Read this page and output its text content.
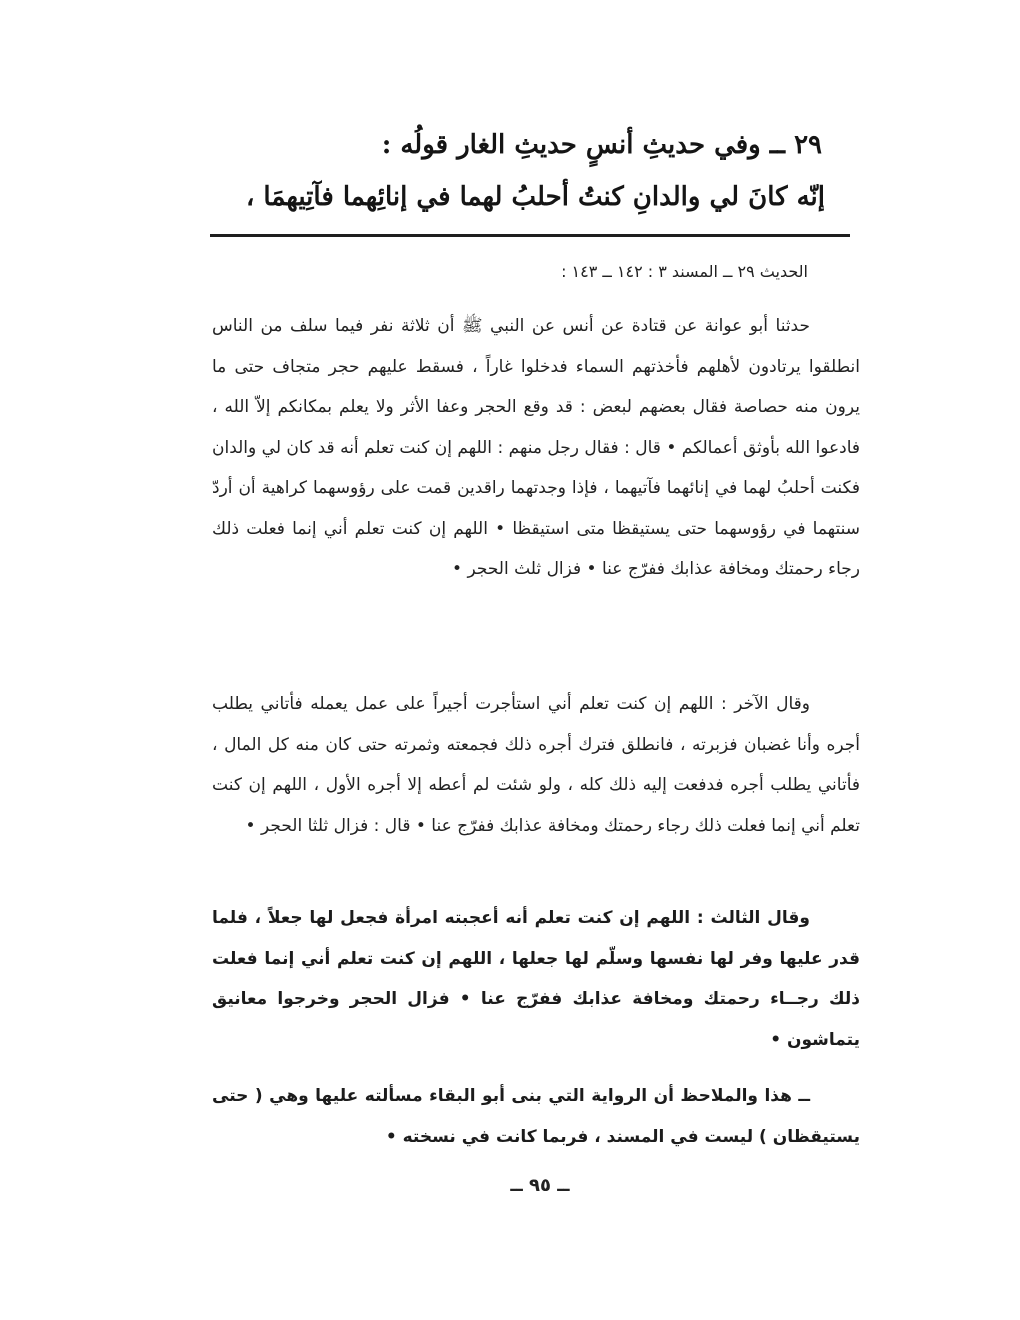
٢٩ ــ وفي حديثِ أنسٍ حديثِ الغار قولُه :
إنّه كانَ لي والدانِ كنتُ أحلبُ لهما في إنائِهما فآتِيهمَا ،
الحديث ٢٩ ــ المسند ٣ : ١٤٢ ــ ١٤٣ :
حدثنا أبو عوانة عن قتادة عن أنس عن النبي ﷺ أن ثلاثة نفر فيما سلف من الناس انطلقوا يرتادون لأهلهم فأخذتهم السماء فدخلوا غاراً ، فسقط عليهم حجر متجاف حتى ما يرون منه حصاصة فقال بعضهم لبعض : قد وقع الحجر وعفا الأثر ولا يعلم بمكانكم إلاّ الله ، فادعوا الله بأوثق أعمالكم • قال : فقال رجل منهم : اللهم إن كنت تعلم أنه قد كان لي والدان فكنت أحلبُ لهما في إنائهما فآتيهما ، فإذا وجدتهما راقدين قمت على رؤوسهما كراهية أن أردّ سنتهما في رؤوسهما حتى يستيقظا متى استيقظا • اللهم إن كنت تعلم أني إنما فعلت ذلك رجاء رحمتك ومخافة عذابك ففرّج عنا • فزال ثلث الحجر •
وقال الآخر : اللهم إن كنت تعلم أني استأجرت أجيراً على عمل يعمله فأتاني يطلب أجره وأنا غضبان فزبرته ، فانطلق فترك أجره ذلك فجمعته وثمرته حتى كان منه كل المال ، فأتاني يطلب أجره فدفعت إليه ذلك كله ، ولو شئت لم أعطه إلا أجره الأول ، اللهم إن كنت تعلم أني إنما فعلت ذلك رجاء رحمتك ومخافة عذابك ففرّج عنا • قال : فزال ثلثا الحجر •
وقال الثالث : اللهم إن كنت تعلم أنه أعجبته امرأة فجعل لها جعلاً ، فلما قدر عليها وفر لها نفسها وسلّم لها جعلها ، اللهم إن كنت تعلم أني إنما فعلت ذلك رجــاء رحمتك ومخافة عذابك ففرّج عنا • فزال الحجر وخرجوا معانيق يتماشون •
ــ هذا والملاحظ أن الرواية التي بنى أبو البقاء مسألته عليها وهي ( حتى يستيقظان ) ليست في المسند ، فربما كانت في نسخته •
ــ ٩٥ ــ
